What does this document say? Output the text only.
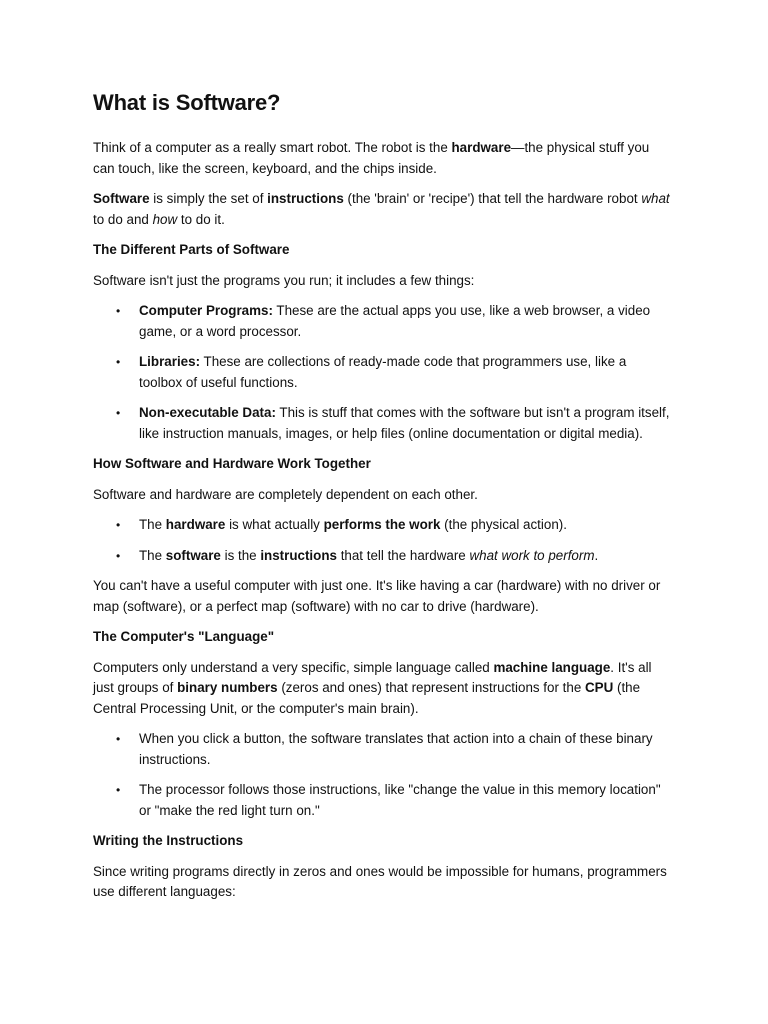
What is Software?

Think of a computer as a really smart robot. The robot is the hardware—the physical stuff you can touch, like the screen, keyboard, and the chips inside.

Software is simply the set of instructions (the 'brain' or 'recipe') that tell the hardware robot what to do and how to do it.

The Different Parts of Software

Software isn't just the programs you run; it includes a few things:

• Computer Programs: These are the actual apps you use, like a web browser, a video game, or a word processor.
• Libraries: These are collections of ready-made code that programmers use, like a toolbox of useful functions.
• Non-executable Data: This is stuff that comes with the software but isn't a program itself, like instruction manuals, images, or help files (online documentation or digital media).
How Software and Hardware Work Together

Software and hardware are completely dependent on each other.

• The hardware is what actually performs the work (the physical action).
• The software is the instructions that tell the hardware what work to perform.

You can't have a useful computer with just one. It's like having a car (hardware) with no driver or map (software), or a perfect map (software) with no car to drive (hardware).

The Computer's "Language"

Computers only understand a very specific, simple language called machine language. It's all just groups of binary numbers (zeros and ones) that represent instructions for the CPU (the Central Processing Unit, or the computer's main brain).

• When you click a button, the software translates that action into a chain of these binary instructions.
• The processor follows those instructions, like "change the value in this memory location" or "make the red light turn on."
Writing the Instructions

Since writing programs directly in zeros and ones would be impossible for humans, programmers use different languages:
